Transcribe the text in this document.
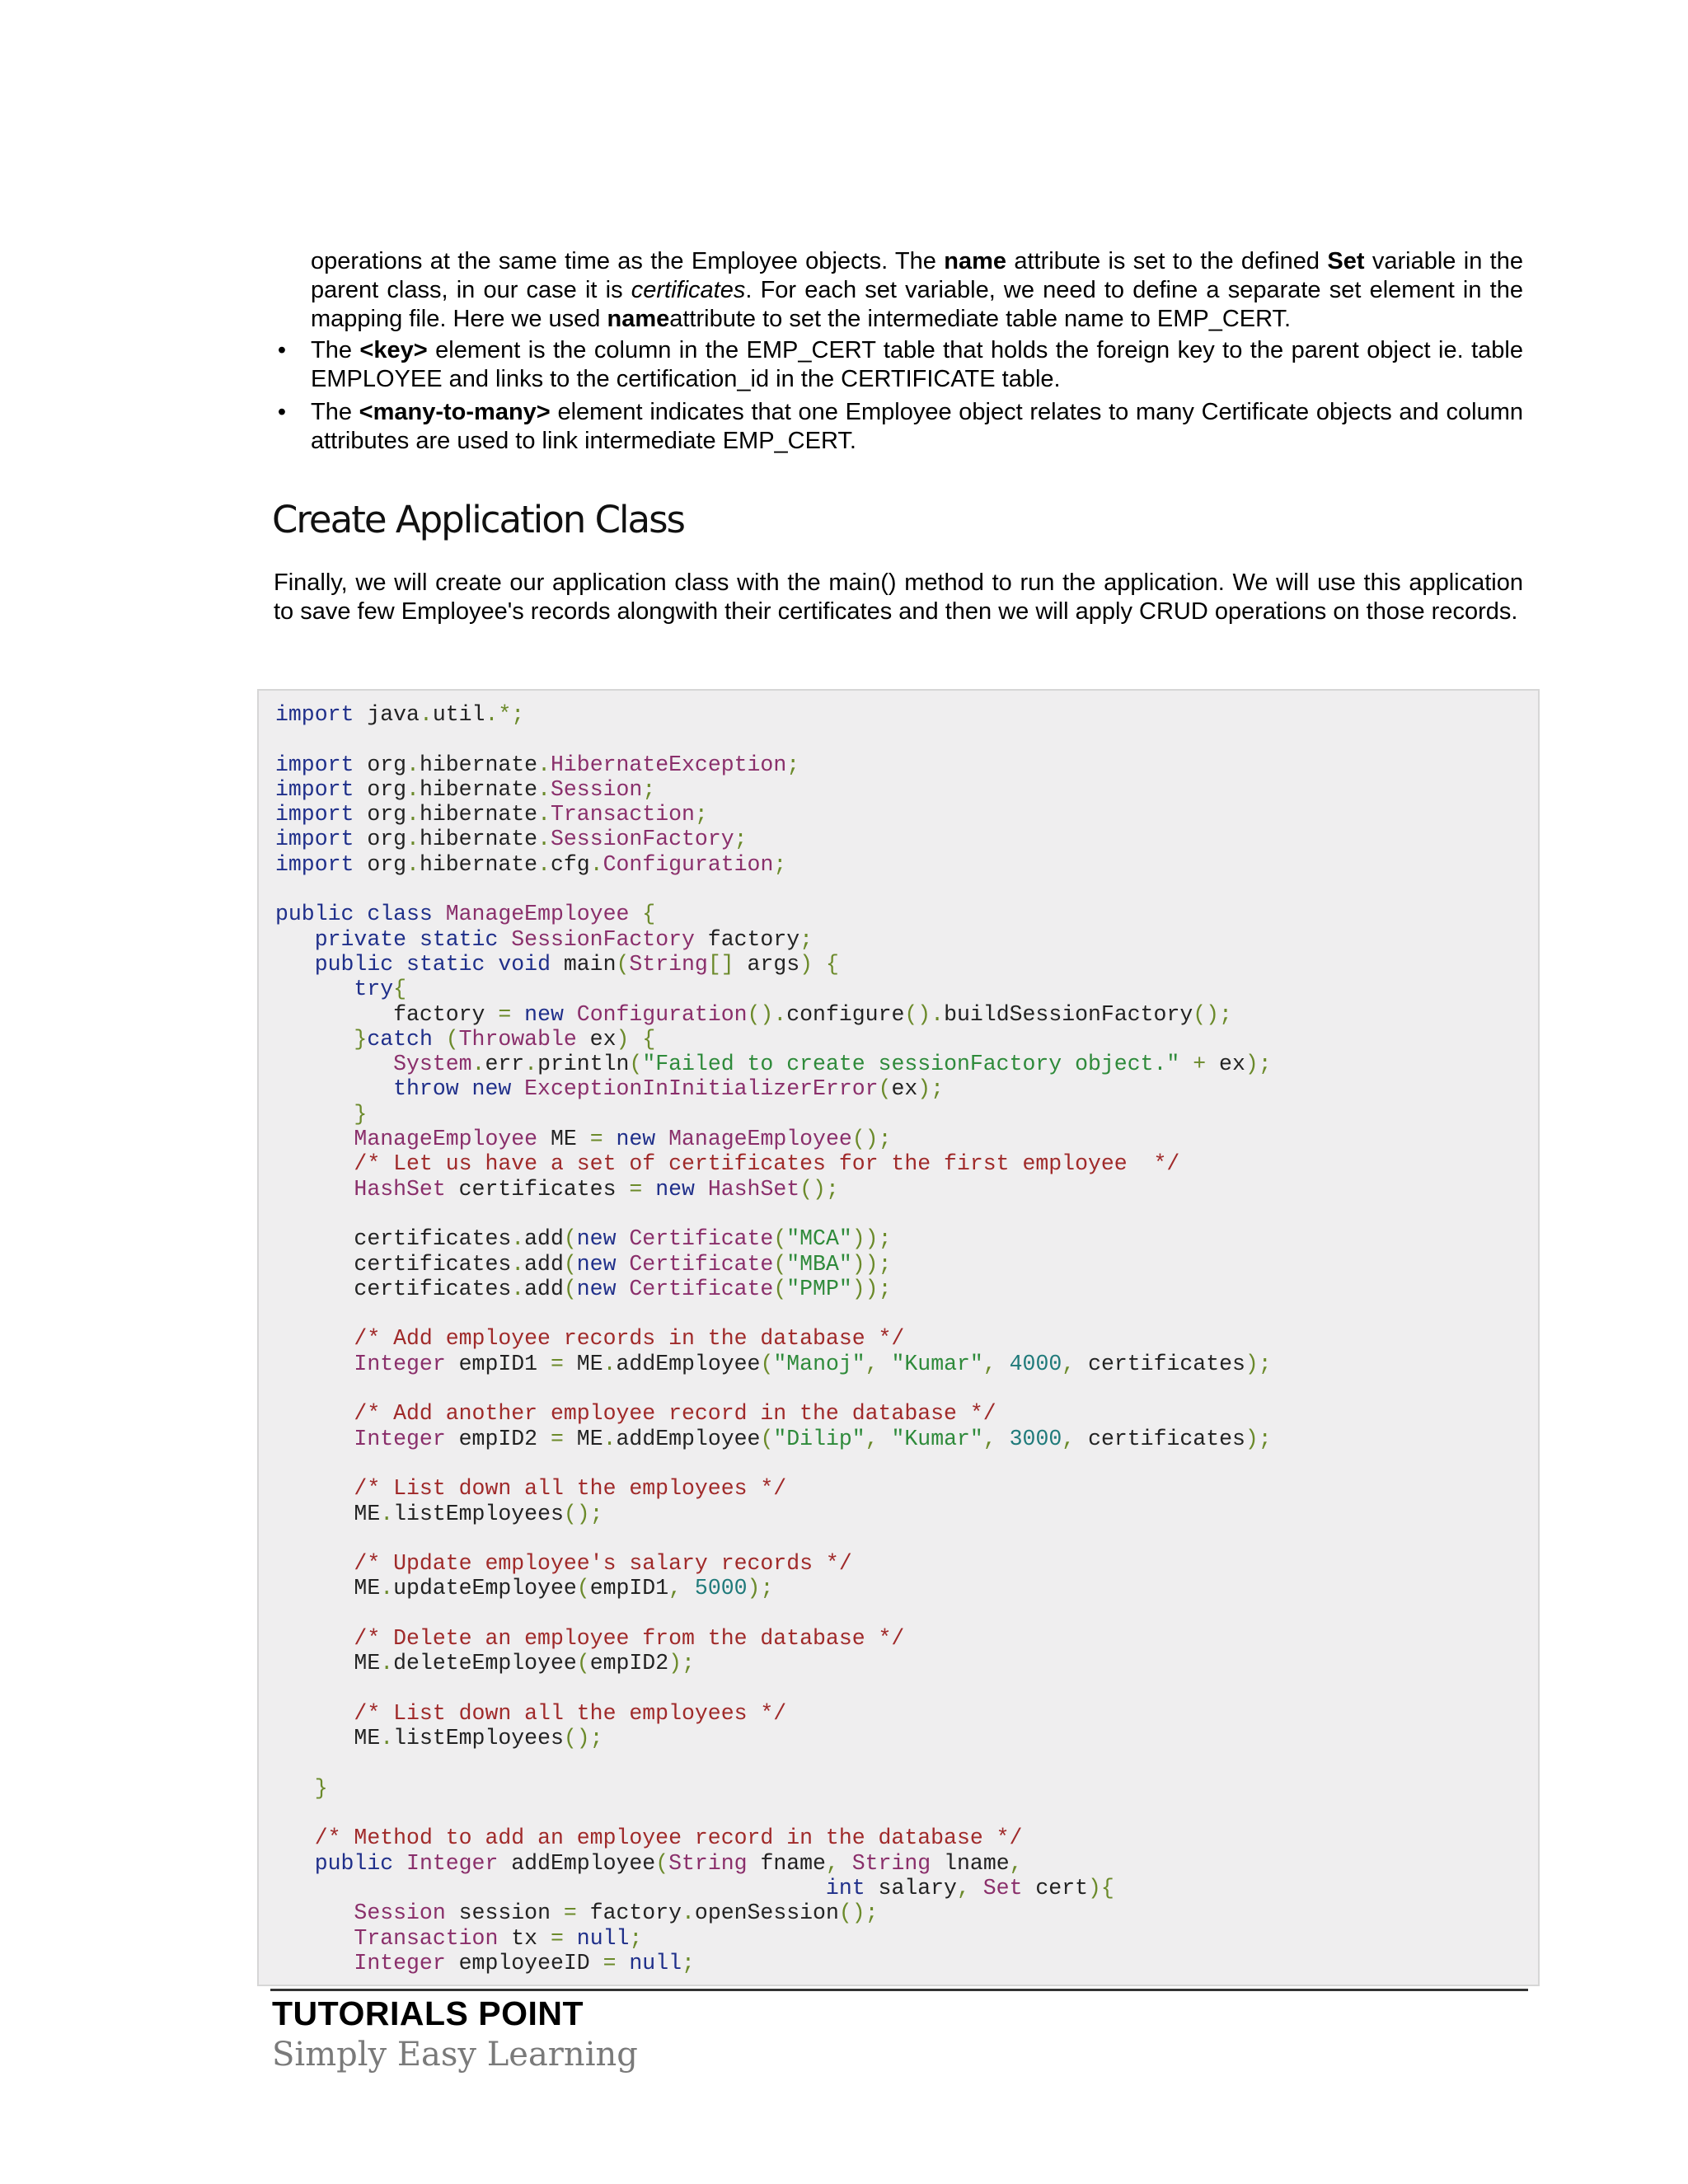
operations at the same time as the Employee objects. The name attribute is set to the defined Set variable in the parent class, in our case it is certificates. For each set variable, we need to define a separate set element in the mapping file. Here we used nameattribute to set the intermediate table name to EMP_CERT.
• The <key> element is the column in the EMP_CERT table that holds the foreign key to the parent object ie. table EMPLOYEE and links to the certification_id in the CERTIFICATE table.
• The <many-to-many> element indicates that one Employee object relates to many Certificate objects and column attributes are used to link intermediate EMP_CERT.
Create Application Class
Finally, we will create our application class with the main() method to run the application. We will use this application to save few Employee's records alongwith their certificates and then we will apply CRUD operations on those records.
import java.util.*;

import org.hibernate.HibernateException;
import org.hibernate.Session;
import org.hibernate.Transaction;
import org.hibernate.SessionFactory;
import org.hibernate.cfg.Configuration;

public class ManageEmployee {
private static SessionFactory factory;
public static void main(String[] args) {
try{
factory = new Configuration().configure().buildSessionFactory();
}catch (Throwable ex) {
System.err.println("Failed to create sessionFactory object." + ex);
throw new ExceptionInInitializerError(ex);
}
ManageEmployee ME = new ManageEmployee();
/* Let us have a set of certificates for the first employee  */
HashSet certificates = new HashSet();

certificates.add(new Certificate("MCA"));
certificates.add(new Certificate("MBA"));
certificates.add(new Certificate("PMP"));

/* Add employee records in the database */
Integer empID1 = ME.addEmployee("Manoj", "Kumar", 4000, certificates);

/* Add another employee record in the database */
Integer empID2 = ME.addEmployee("Dilip", "Kumar", 3000, certificates);

/* List down all the employees */
ME.listEmployees();

/* Update employee's salary records */
ME.updateEmployee(empID1, 5000);

/* Delete an employee from the database */
ME.deleteEmployee(empID2);

/* List down all the employees */
ME.listEmployees();

}

/* Method to add an employee record in the database */
public Integer addEmployee(String fname, String lname,
int salary, Set cert){
Session session = factory.openSession();
Transaction tx = null;
Integer employeeID = null;
TUTORIALS POINT
Simply Easy Learning
